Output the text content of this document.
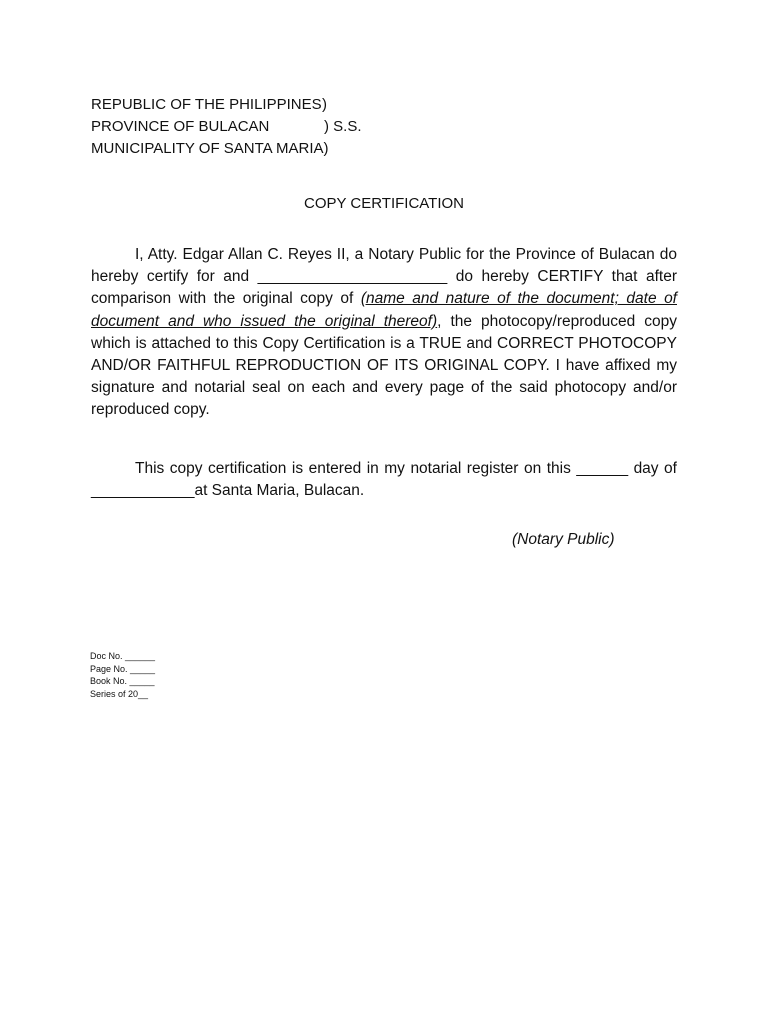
REPUBLIC OF THE PHILIPPINES )
PROVINCE OF BULACAN	) S.S.
MUNICIPALITY OF SANTA MARIA)
COPY CERTIFICATION

I, Atty. Edgar Allan C. Reyes II, a Notary Public for the Province of Bulacan do hereby certify for and ______________________ do hereby CERTIFY that after comparison with the original copy of (name and nature of the document; date of document and who issued the original thereof), the photocopy/reproduced copy which is attached to this Copy Certification is a TRUE and CORRECT PHOTOCOPY AND/OR FAITHFUL REPRODUCTION OF ITS ORIGINAL COPY. I have affixed my signature and notarial seal on each and every page of the said photocopy and/or reproduced copy.

This copy certification is entered in my notarial register on this ______ day of ____________at Santa Maria, Bulacan.

(Notary Public)
Doc No. ______
Page No. _____
Book No. _____
Series of 20__
